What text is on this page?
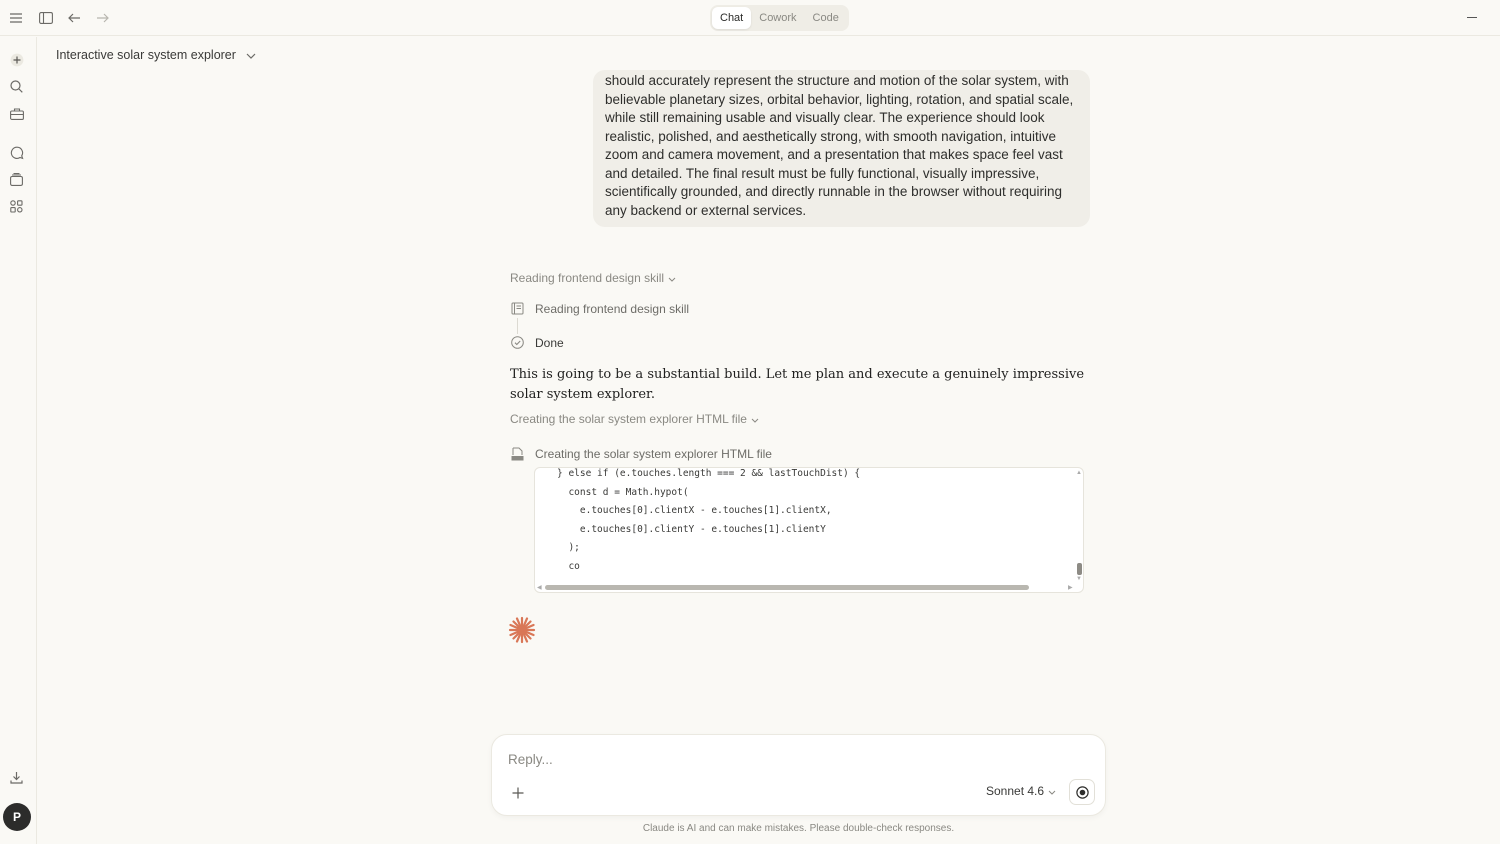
Chat	Cowork	Code
P
Interactive solar system explorer

should accurately represent the structure and motion of the solar system, with believable planetary sizes, orbital behavior, lighting, rotation, and spatial scale, while still remaining usable and visually clear. The experience should look realistic, polished, and aesthetically strong, with smooth navigation, intuitive zoom and camera movement, and a presentation that makes space feel vast and detailed. The final result must be fully functional, visually impressive, scientifically grounded, and directly runnable in the browser without requiring any backend or external services.

Reading frontend design skill
Reading frontend design skill
Done
This is going to be a substantial build. Let me plan and execute a genuinely impressive solar system explorer.
Creating the solar system explorer HTML file
Creating the solar system explorer HTML file
} else if (e.touches.length === 2 && lastTouchDist) {
const d = Math.hypot(
e.touches[0].clientX - e.touches[1].clientX,
e.touches[0].clientY - e.touches[1].clientY
);
co
▲
▼
◀	▶
Reply...
Sonnet 4.6
Claude is AI and can make mistakes. Please double-check responses.
